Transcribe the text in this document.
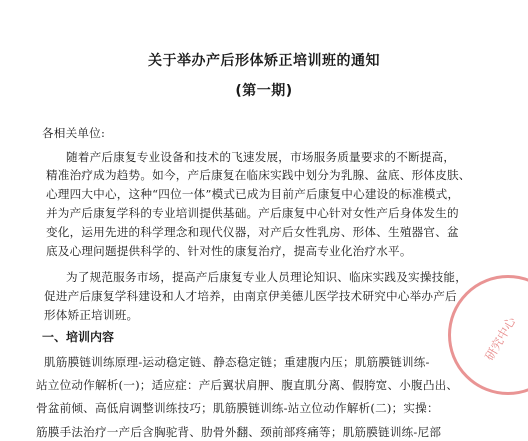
关于举办产后形体矫正培训班的通知
(第一期)
各相关单位:
随着产后康复专业设备和技术的飞速发展，市场服务质量要求的不断提高，
精准治疗成为趋势。如今，产后康复在临床实践中划分为乳腺、盆底、形体皮肤、
心理四大中心，这种“四位一体”模式已成为目前产后康复中心建设的标准模式，
并为产后康复学科的专业培训提供基础。产后康复中心针对女性产后身体发生的
变化，运用先进的科学理念和现代仪器，对产后女性乳房、形体、生殖器官、盆
底及心理问题提供科学的、针对性的康复治疗，提高专业化治疗水平。
为了规范服务市场，提高产后康复专业人员理论知识、临床实践及实操技能，
促进产后康复学科建设和人才培养，由南京伊美德儿医学技术研究中心举办产后
形体矫正培训班。
一、培训内容
肌筋膜链训练原理-运动稳定链、静态稳定链；重建腹内压；肌筋膜链训练-
站立位动作解析(一)；适应症：产后翼状肩胛、腹直肌分离、假胯宽、小腹凸出、
骨盆前倾、高低肩调整训练技巧；肌筋膜链训练-站立位动作解析(二)；实操：
筋膜手法治疗一产后含胸驼背、肋骨外翻、颈前部疼痛等；肌筋膜链训练-尼部
研究中心
